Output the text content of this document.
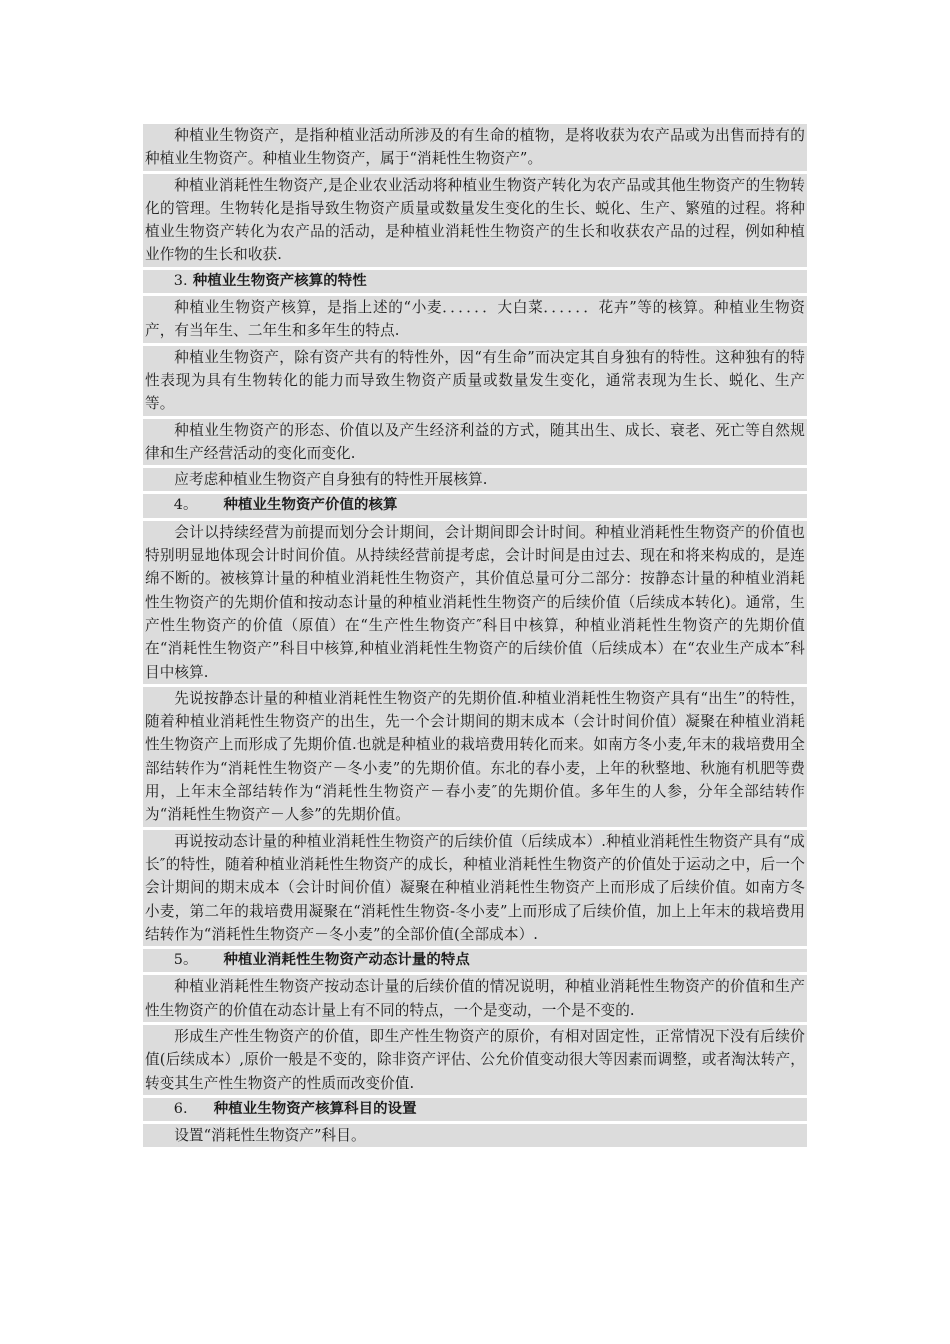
种植业生物资产，是指种植业活动所涉及的有生命的植物，是将收获为农产品或为出售而持有的种植业生物资产。种植业生物资产，属于“消耗性生物资产”。
种植业消耗性生物资产,是企业农业活动将种植业生物资产转化为农产品或其他生物资产的生物转化的管理。生物转化是指导致生物资产质量或数量发生变化的生长、蜕化、生产、繁殖的过程。将种植业生物资产转化为农产品的活动，是种植业消耗性生物资产的生长和收获农产品的过程，例如种植业作物的生长和收获.
3. 种植业生物资产核算的特性
种植业生物资产核算，是指上述的“小麦．．．．．．大白菜．．．．．．花卉”等的核算。种植业生物资产，有当年生、二年生和多年生的特点.
种植业生物资产，除有资产共有的特性外，因“有生命”而决定其自身独有的特性。这种独有的特性表现为具有生物转化的能力而导致生物资产质量或数量发生变化，通常表现为生长、蜕化、生产等。
种植业生物资产的形态、价值以及产生经济利益的方式，随其出生、成长、衰老、死亡等自然规律和生产经营活动的变化而变化.
应考虑种植业生物资产自身独有的特性开展核算.
4。 种植业生物资产价值的核算
会计以持续经营为前提而划分会计期间，会计期间即会计时间。种植业消耗性生物资产的价值也特别明显地体现会计时间价值。从持续经营前提考虑，会计时间是由过去、现在和将来构成的，是连绵不断的。被核算计量的种植业消耗性生物资产，其价值总量可分二部分：按静态计量的种植业消耗性生物资产的先期价值和按动态计量的种植业消耗性生物资产的后续价值（后续成本转化)。通常，生产性生物资产的价值（原值）在“生产性生物资产″科目中核算，种植业消耗性生物资产的先期价值在“消耗性生物资产”科目中核算,种植业消耗性生物资产的后续价值（后续成本）在“农业生产成本″科目中核算.
先说按静态计量的种植业消耗性生物资产的先期价值.种植业消耗性生物资产具有“出生”的特性，随着种植业消耗性生物资产的出生，先一个会计期间的期末成本（会计时间价值）凝聚在种植业消耗性生物资产上而形成了先期价值.也就是种植业的栽培费用转化而来。如南方冬小麦,年末的栽培费用全部结转作为“消耗性生物资产－冬小麦”的先期价值。东北的春小麦，上年的秋整地、秋施有机肥等费用，上年末全部结转作为“消耗性生物资产－春小麦″的先期价值。多年生的人参，分年全部结转作为“消耗性生物资产－人参”的先期价值。
再说按动态计量的种植业消耗性生物资产的后续价值（后续成本）.种植业消耗性生物资产具有“成长″的特性，随着种植业消耗性生物资产的成长，种植业消耗性生物资产的价值处于运动之中，后一个会计期间的期末成本（会计时间价值）凝聚在种植业消耗性生物资产上而形成了后续价值。如南方冬小麦，第二年的栽培费用凝聚在“消耗性生物资-冬小麦”上而形成了后续价值，加上上年末的栽培费用结转作为“消耗性生物资产－冬小麦”的全部价值(全部成本）.
5。 种植业消耗性生物资产动态计量的特点
种植业消耗性生物资产按动态计量的后续价值的情况说明，种植业消耗性生物资产的价值和生产性生物资产的价值在动态计量上有不同的特点，一个是变动，一个是不变的.
形成生产性生物资产的价值，即生产性生物资产的原价，有相对固定性，正常情况下没有后续价值(后续成本）,原价一般是不变的，除非资产评估、公允价值变动很大等因素而调整，或者淘汰转产，转变其生产性生物资产的性质而改变价值.
6. 种植业生物资产核算科目的设置
设置“消耗性生物资产”科目。
